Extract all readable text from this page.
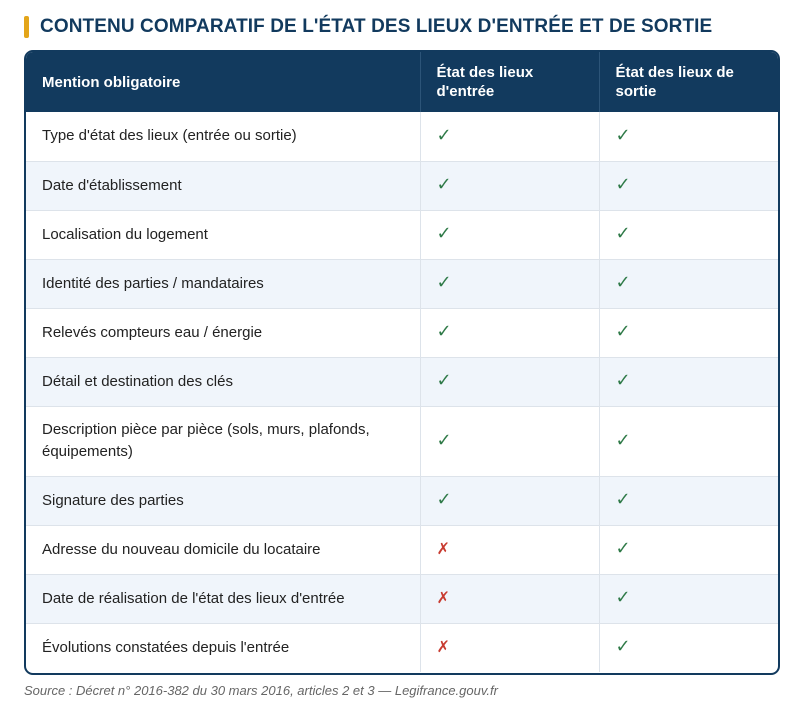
CONTENU COMPARATIF DE L'ÉTAT DES LIEUX D'ENTRÉE ET DE SORTIE
Mention obligatoire	État des lieux d'entrée	État des lieux de sortie
Type d'état des lieux (entrée ou sortie)	✓	✓
Date d'établissement	✓	✓
Localisation du logement	✓	✓
Identité des parties / mandataires	✓	✓
Relevés compteurs eau / énergie	✓	✓
Détail et destination des clés	✓	✓
Description pièce par pièce (sols, murs, plafonds, équipements)	✓	✓
Signature des parties	✓	✓
Adresse du nouveau domicile du locataire	✗	✓
Date de réalisation de l'état des lieux d'entrée	✗	✓
Évolutions constatées depuis l'entrée	✗	✓

Source : Décret n° 2016-382 du 30 mars 2016, articles 2 et 3 — Legifrance.gouv.fr
